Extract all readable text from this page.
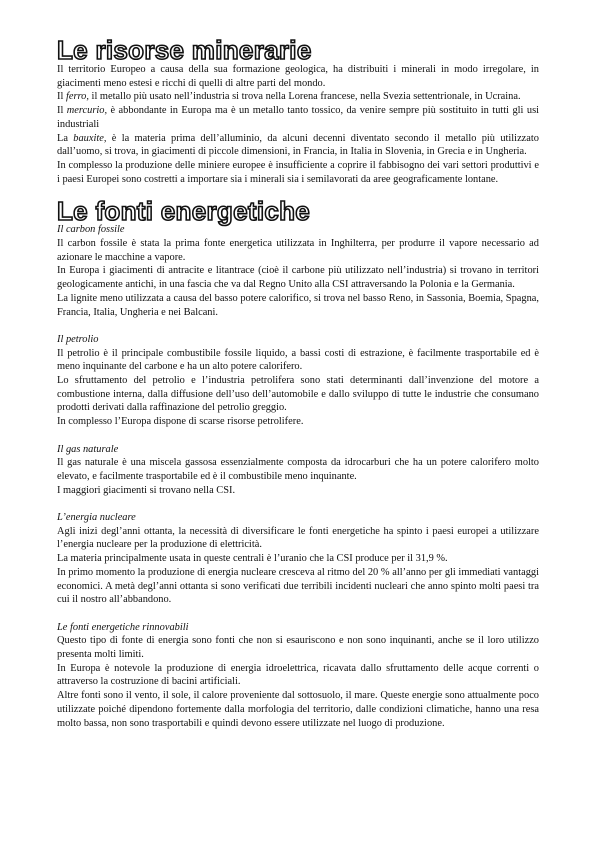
Le risorse minerarie

Il territorio Europeo a causa della sua formazione geologica, ha distribuiti i minerali in modo irregolare, in giacimenti meno estesi e ricchi di quelli di altre parti del mondo.

Il ferro, il metallo più usato nell’industria si trova nella Lorena francese, nella Svezia settentrionale, in Ucraina.

Il mercurio, è abbondante in Europa ma è un metallo tanto tossico, da venire sempre più sostituito in tutti gli usi industriali

La bauxite, è la materia prima dell’alluminio, da alcuni decenni diventato secondo il metallo più utilizzato dall’uomo, si trova, in giacimenti di piccole dimensioni, in Francia, in Italia in Slovenia, in Grecia e in Ungheria.

In complesso la produzione delle miniere europee è insufficiente a coprire il fabbisogno dei vari settori produttivi e i paesi Europei sono costretti a importare sia i minerali sia i semilavorati da aree geograficamente lontane.

Le fonti energetiche

Il carbon fossile

Il carbon fossile è stata la prima fonte energetica utilizzata in Inghilterra, per produrre il vapore necessario ad azionare le macchine a vapore.

In Europa i giacimenti di antracite e litantrace (cioè il carbone più utilizzato nell’industria) si trovano in territori geologicamente antichi, in una fascia che va dal Regno Unito alla CSI attraversando la Polonia e la Germania.

La lignite meno utilizzata a causa del basso potere calorifico, si trova nel basso Reno, in Sassonia, Boemia, Spagna, Francia, Italia, Ungheria e nei Balcani.

Il petrolio

Il petrolio è il principale combustibile fossile liquido, a bassi costi di estrazione, è facilmente trasportabile ed è meno inquinante del carbone e ha un alto potere calorifero.

Lo sfruttamento del petrolio e l’industria petrolifera sono stati determinanti dall’invenzione del motore a combustione interna, dalla diffusione dell’uso dell’automobile e dallo sviluppo di tutte le industrie che consumano prodotti derivati dalla raffinazione del petrolio greggio.

In complesso l’Europa dispone di scarse risorse petrolifere.

Il gas naturale

Il gas naturale è una miscela gassosa essenzialmente composta da idrocarburi che ha un potere calorifero molto elevato, e facilmente trasportabile ed è il combustibile meno inquinante.

I maggiori giacimenti si trovano nella CSI.

L’energia nucleare

Agli inizi degl’anni ottanta, la necessità di diversificare le fonti energetiche ha spinto i paesi europei a utilizzare l’energia nucleare per la produzione di elettricità.

La materia principalmente usata in queste centrali è l’uranio che la CSI produce per il 31,9 %.

In primo momento la produzione di energia nucleare cresceva al ritmo del 20 % all’anno per gli immediati vantaggi economici. A metà degl’anni ottanta si sono verificati due terribili incidenti nucleari che anno spinto molti paesi tra cui il nostro all’abbandono.

Le fonti energetiche rinnovabili

Questo tipo di fonte di energia sono fonti che non si esauriscono e non sono inquinanti, anche se il loro utilizzo presenta molti limiti.

In Europa è notevole la produzione di energia idroelettrica, ricavata dallo sfruttamento delle acque correnti o attraverso la costruzione di bacini artificiali.

Altre fonti sono il vento, il sole, il calore proveniente dal sottosuolo, il mare. Queste energie sono attualmente poco utilizzate poiché dipendono fortemente dalla morfologia del territorio, dalle condizioni climatiche, hanno una resa molto bassa, non sono trasportabili e quindi devono essere utilizzate nel luogo di produzione.
